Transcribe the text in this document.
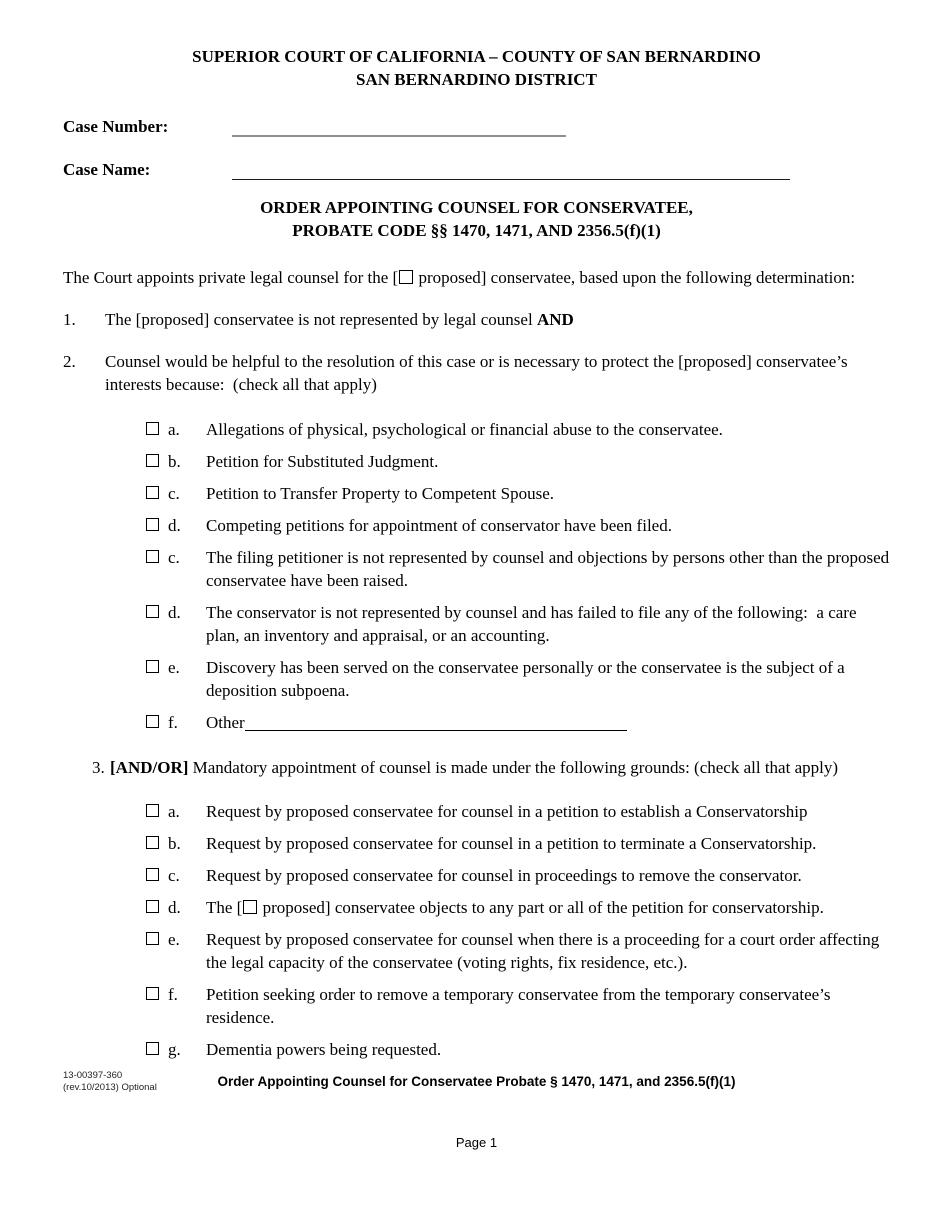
SUPERIOR COURT OF CALIFORNIA – COUNTY OF SAN BERNARDINO
SAN BERNARDINO DISTRICT
Case Number:
Case Name:
ORDER APPOINTING COUNSEL FOR CONSERVATEE,
PROBATE CODE §§ 1470, 1471, AND 2356.5(f)(1)
The Court appoints private legal counsel for the [ proposed] conservatee, based upon the following determination:
1.	The [proposed] conservatee is not represented by legal counsel AND
2.	Counsel would be helpful to the resolution of this case or is necessary to protect the [proposed] conservatee’s interests because:  (check all that apply)
a.	Allegations of physical, psychological or financial abuse to the conservatee.
b.	Petition for Substituted Judgment.
c.	Petition to Transfer Property to Competent Spouse.
d.	Competing petitions for appointment of conservator have been filed.
c.	The filing petitioner is not represented by counsel and objections by persons other than the proposed conservatee have been raised.
d.	The conservator is not represented by counsel and has failed to file any of the following:  a care plan, an inventory and appraisal, or an accounting.
e.	Discovery has been served on the conservatee personally or the conservatee is the subject of a deposition subpoena.
f.	Other
3. [AND/OR] Mandatory appointment of counsel is made under the following grounds: (check all that apply)
a.	Request by proposed conservatee for counsel in a petition to establish a Conservatorship
b.	Request by proposed conservatee for counsel in a petition to terminate a Conservatorship.
c.	Request by proposed conservatee for counsel in proceedings to remove the conservator.
d.	The [ proposed] conservatee objects to any part or all of the petition for conservatorship.
e.	Request by proposed conservatee for counsel when there is a proceeding for a court order affecting the legal capacity of the conservatee (voting rights, fix residence, etc.).
f.	Petition seeking order to remove a temporary conservatee from the temporary conservatee’s residence.
g.	Dementia powers being requested.
13-00397-360
(rev.10/2013) Optional	Order Appointing Counsel for Conservatee Probate § 1470, 1471, and 2356.5(f)(1)
Page 1
